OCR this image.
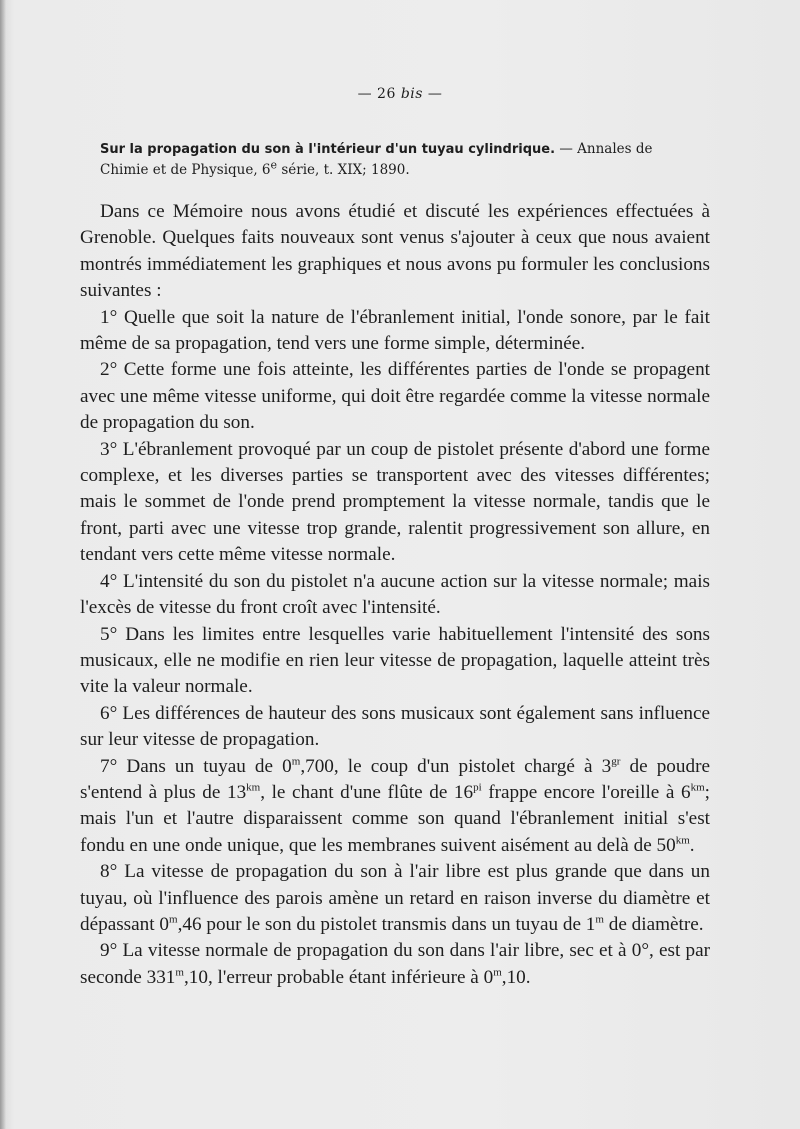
— 26 bis —
Sur la propagation du son à l'intérieur d'un tuyau cylindrique. — Annales de
Chimie et de Physique, 6e série, t. XIX; 1890.

Dans ce Mémoire nous avons étudié et discuté les expériences effectuées à Grenoble. Quelques faits nouveaux sont venus s'ajouter à ceux que nous avaient montrés immédiatement les graphiques et nous avons pu formuler les conclusions suivantes :

1° Quelle que soit la nature de l'ébranlement initial, l'onde sonore, par le fait même de sa propagation, tend vers une forme simple, déterminée.

2° Cette forme une fois atteinte, les différentes parties de l'onde se propagent avec une même vitesse uniforme, qui doit être regardée comme la vitesse normale de propagation du son.

3° L'ébranlement provoqué par un coup de pistolet présente d'abord une forme complexe, et les diverses parties se transportent avec des vitesses différentes; mais le sommet de l'onde prend promptement la vitesse normale, tandis que le front, parti avec une vitesse trop grande, ralentit progressivement son allure, en tendant vers cette même vitesse normale.

4° L'intensité du son du pistolet n'a aucune action sur la vitesse normale; mais l'excès de vitesse du front croît avec l'intensité.

5° Dans les limites entre lesquelles varie habituellement l'intensité des sons musicaux, elle ne modifie en rien leur vitesse de propagation, laquelle atteint très vite la valeur normale.

6° Les différences de hauteur des sons musicaux sont également sans influence sur leur vitesse de propagation.

7° Dans un tuyau de 0$^m$,700, le coup d'un pistolet chargé à $3^{gr}$ de poudre s'entend à plus de $13^{km}$, le chant d'une flûte de $16^{pi}$ frappe encore l'oreille à $6^{km}$; mais l'un et l'autre disparaissent comme son quand l'ébranlement initial s'est fondu en une onde unique, que les membranes suivent aisément au delà de $50^{km}$.

8° La vitesse de propagation du son à l'air libre est plus grande que dans un tuyau, où l'influence des parois amène un retard en raison inverse du diamètre et dépassant 0$^m$,46 pour le son du pistolet transmis dans un tuyau de 1$^m$ de diamètre.

9° La vitesse normale de propagation du son dans l'air libre, sec et à 0°, est par seconde 331$^m$,10, l'erreur probable étant inférieure à 0$^m$,10.
